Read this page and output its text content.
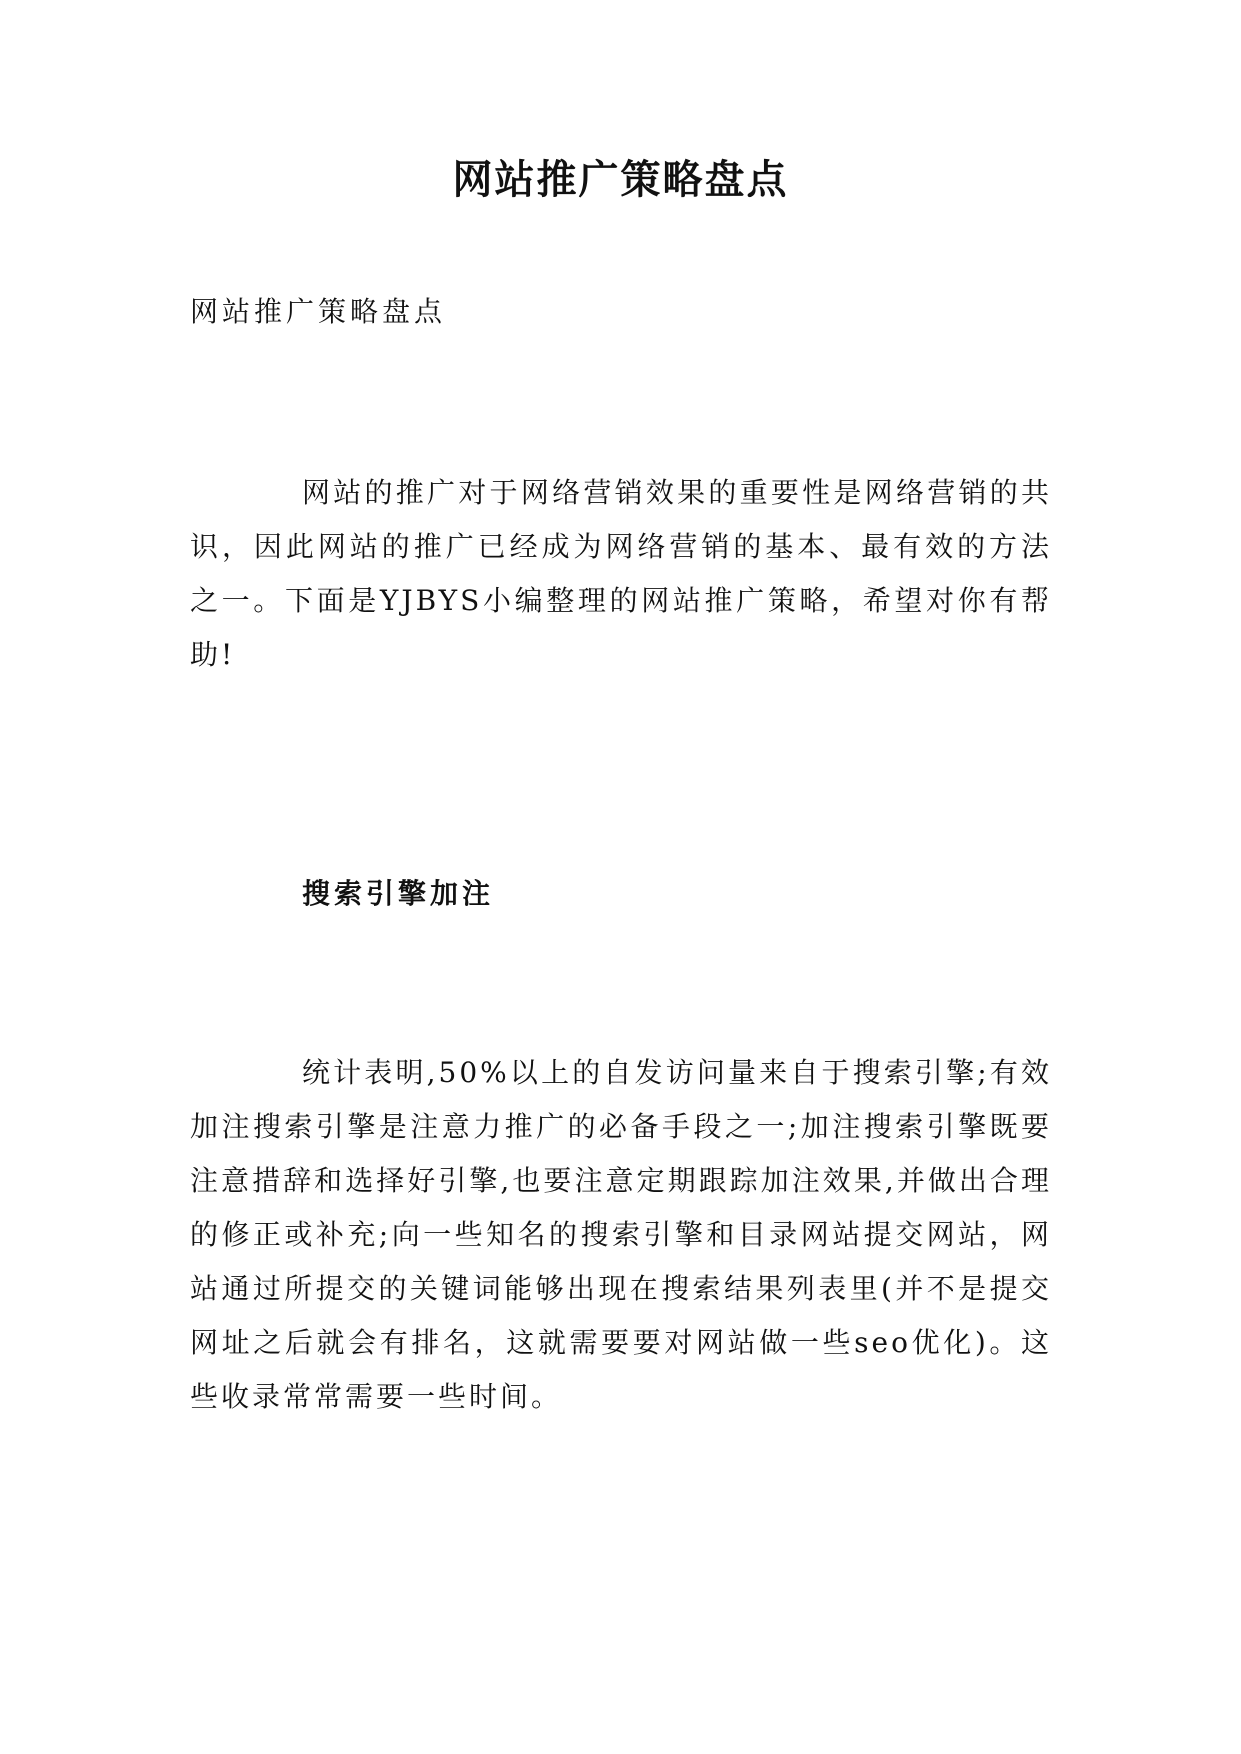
网站推广策略盘点

网站推广策略盘点

网站的推广对于网络营销效果的重要性是网络营销的共识，因此网站的推广已经成为网络营销的基本、最有效的方法之一。下面是YJBYS小编整理的网站推广策略，希望对你有帮助!

搜索引擎加注

统计表明,50%以上的自发访问量来自于搜索引擎;有效加注搜索引擎是注意力推广的必备手段之一;加注搜索引擎既要注意措辞和选择好引擎,也要注意定期跟踪加注效果,并做出合理的修正或补充;向一些知名的搜索引擎和目录网站提交网站，网站通过所提交的关键词能够出现在搜索结果列表里(并不是提交网址之后就会有排名，这就需要要对网站做一些seo优化)。这些收录常常需要一些时间。
